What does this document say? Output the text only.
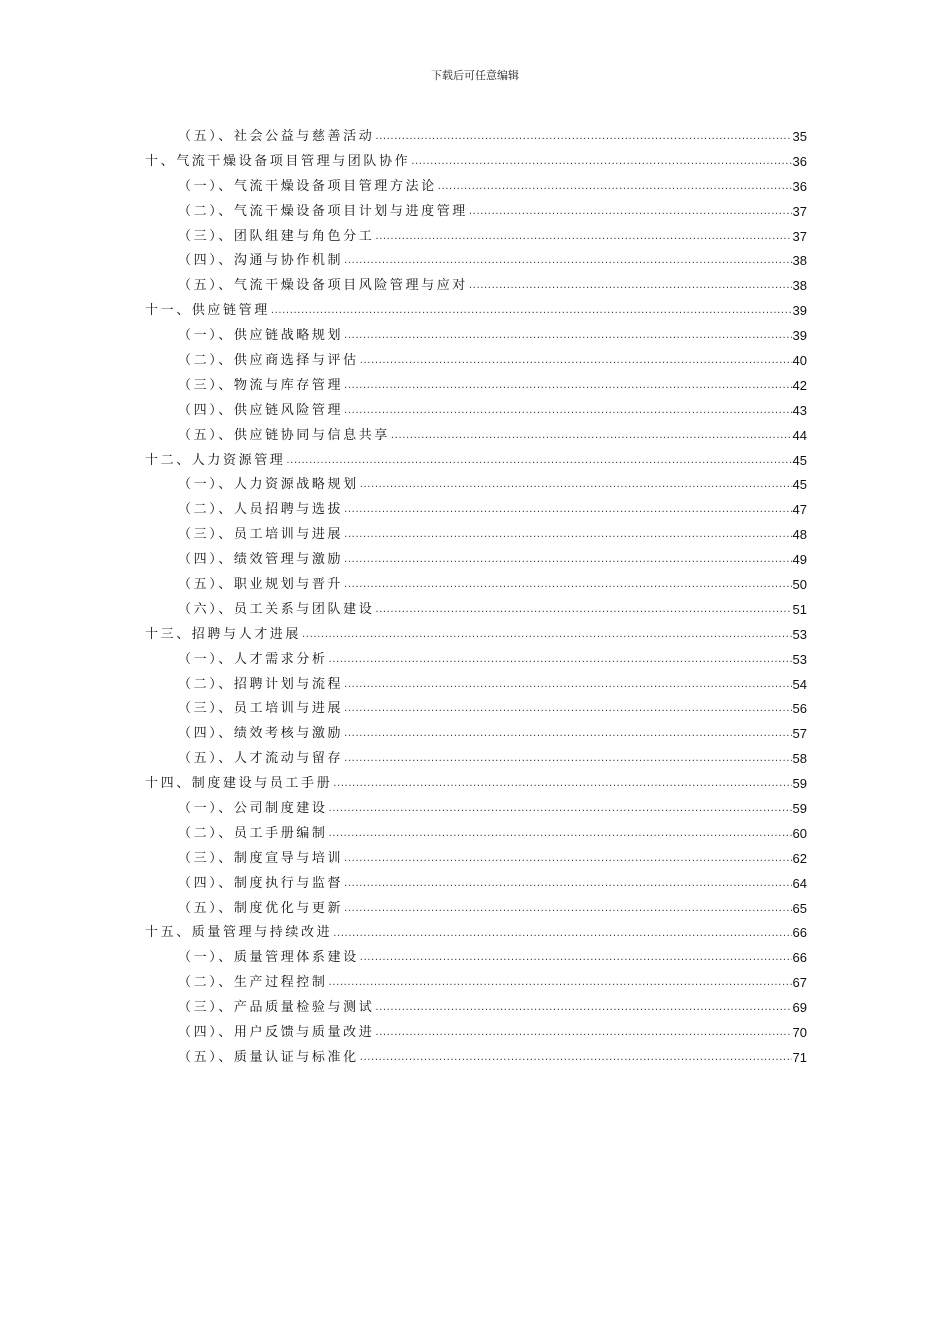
下载后可任意编辑
（五）、社会公益与慈善活动 .....	35
十、气流干燥设备项目管理与团队协作 .....	36
（一）、气流干燥设备项目管理方法论 .....	36
（二）、气流干燥设备项目计划与进度管理 .....	37
（三）、团队组建与角色分工 .....	37
（四）、沟通与协作机制 .....	38
（五）、气流干燥设备项目风险管理与应对 .....	38
十一、供应链管理 .....	39
（一）、供应链战略规划 .....	39
（二）、供应商选择与评估 .....	40
（三）、物流与库存管理 .....	42
（四）、供应链风险管理 .....	43
（五）、供应链协同与信息共享 .....	44
十二、人力资源管理 .....	45
（一）、人力资源战略规划 .....	45
（二）、人员招聘与选拔 .....	47
（三）、员工培训与进展 .....	48
（四）、绩效管理与激励 .....	49
（五）、职业规划与晋升 .....	50
（六）、员工关系与团队建设 .....	51
十三、招聘与人才进展 .....	53
（一）、人才需求分析 .....	53
（二）、招聘计划与流程 .....	54
（三）、员工培训与进展 .....	56
（四）、绩效考核与激励 .....	57
（五）、人才流动与留存 .....	58
十四、制度建设与员工手册 .....	59
（一）、公司制度建设 .....	59
（二）、员工手册编制 .....	60
（三）、制度宣导与培训 .....	62
（四）、制度执行与监督 .....	64
（五）、制度优化与更新 .....	65
十五、质量管理与持续改进 .....	66
（一）、质量管理体系建设 .....	66
（二）、生产过程控制 .....	67
（三）、产品质量检验与测试 .....	69
（四）、用户反馈与质量改进 .....	70
（五）、质量认证与标准化 .....	71
